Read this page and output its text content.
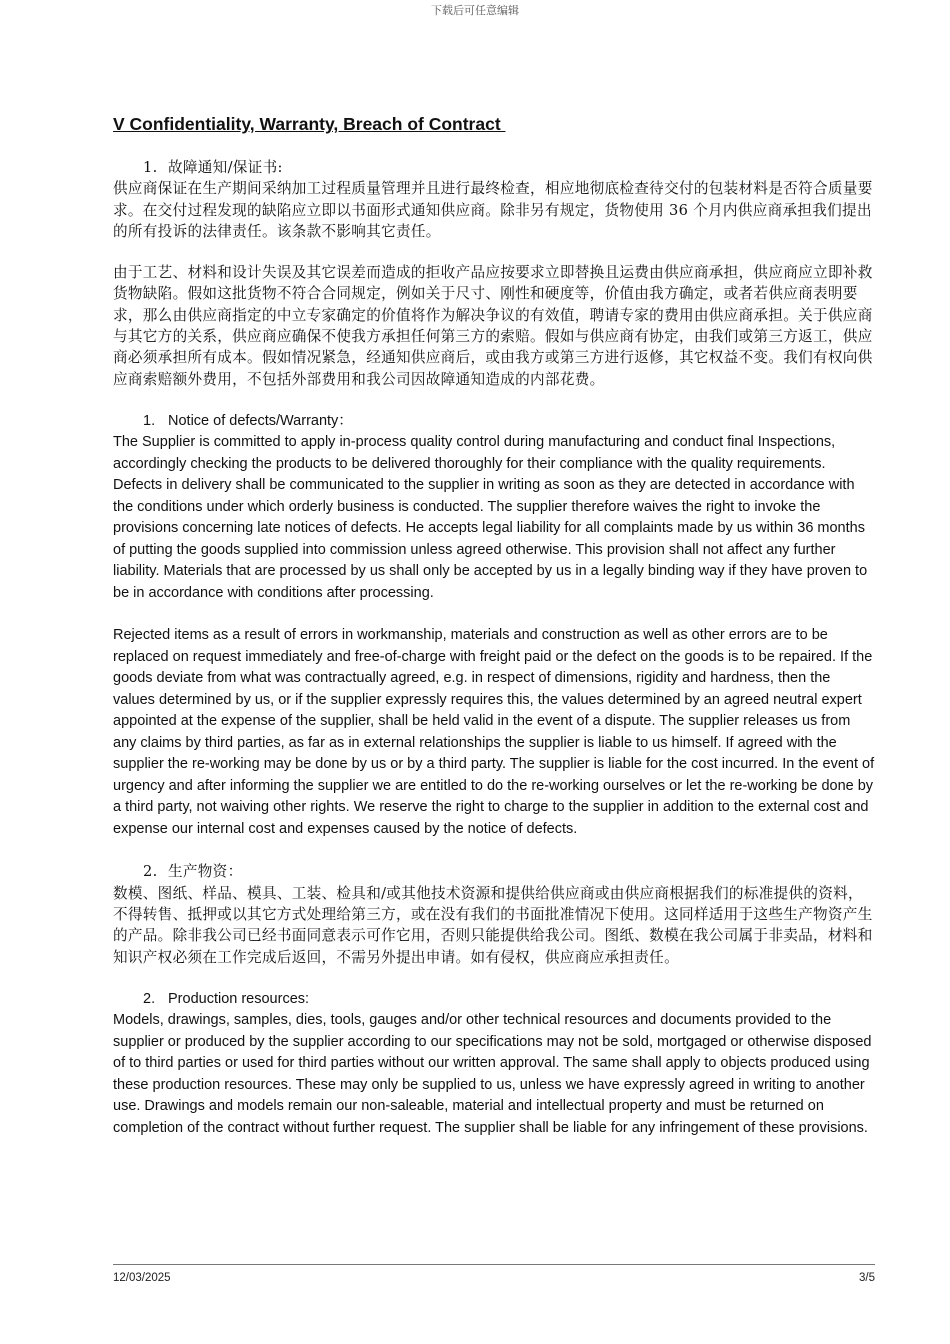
下载后可任意编辑
V Confidentiality, Warranty, Breach of Contract

1. 故障通知/保证书:

供应商保证在生产期间采纳加工过程质量管理并且进行最终检查，相应地彻底检查待交付的包装材料是否符合质量要求。在交付过程发现的缺陷应立即以书面形式通知供应商。除非另有规定，货物使用 36 个月内供应商承担我们提出的所有投诉的法律责任。该条款不影响其它责任。

由于工艺、材料和设计失误及其它误差而造成的拒收产品应按要求立即替换且运费由供应商承担，供应商应立即补救货物缺陷。假如这批货物不符合合同规定，例如关于尺寸、刚性和硬度等，价值由我方确定，或者若供应商表明要求，那么由供应商指定的中立专家确定的价值将作为解决争议的有效值，聘请专家的费用由供应商承担。关于供应商与其它方的关系，供应商应确保不使我方承担任何第三方的索赔。假如与供应商有协定，由我们或第三方返工，供应商必须承担所有成本。假如情况紧急，经通知供应商后，或由我方或第三方进行返修，其它权益不变。我们有权向供应商索赔额外费用，不包括外部费用和我公司因故障通知造成的内部花费。

1. Notice of defects/Warranty：

The Supplier is committed to apply in-process quality control during manufacturing and conduct final Inspections, accordingly checking the products to be delivered thoroughly for their compliance with the quality requirements. Defects in delivery shall be communicated to the supplier in writing as soon as they are detected in accordance with the conditions under which orderly business is conducted. The supplier therefore waives the right to invoke the provisions concerning late notices of defects. He accepts legal liability for all complaints made by us within 36 months of putting the goods supplied into commission unless agreed otherwise. This provision shall not affect any further liability. Materials that are processed by us shall only be accepted by us in a legally binding way if they have proven to be in accordance with conditions after processing.

Rejected items as a result of errors in workmanship, materials and construction as well as other errors are to be replaced on request immediately and free-of-charge with freight paid or the defect on the goods is to be repaired. If the goods deviate from what was contractually agreed, e.g. in respect of dimensions, rigidity and hardness, then the values determined by us, or if the supplier expressly requires this, the values determined by an agreed neutral expert appointed at the expense of the supplier, shall be held valid in the event of a dispute. The supplier releases us from any claims by third parties, as far as in external relationships the supplier is liable to us himself. If agreed with the supplier the re-working may be done by us or by a third party. The supplier is liable for the cost incurred. In the event of urgency and after informing the supplier we are entitled to do the re-working ourselves or let the re-working be done by a third party, not waiving other rights. We reserve the right to charge to the supplier in addition to the external cost and expense our internal cost and expenses caused by the notice of defects.

2. 生产物资：

数模、图纸、样品、模具、工装、检具和/或其他技术资源和提供给供应商或由供应商根据我们的标准提供的资料，不得转售、抵押或以其它方式处理给第三方，或在没有我们的书面批准情况下使用。这同样适用于这些生产物资产生的产品。除非我公司已经书面同意表示可作它用，否则只能提供给我公司。图纸、数模在我公司属于非卖品，材料和知识产权必须在工作完成后返回，不需另外提出申请。如有侵权，供应商应承担责任。

2. Production resources:

Models, drawings, samples, dies, tools, gauges and/or other technical resources and documents provided to the supplier or produced by the supplier according to our specifications may not be sold, mortgaged or otherwise disposed of to third parties or used for third parties without our written approval. The same shall apply to objects produced using these production resources. These may only be supplied to us, unless we have expressly agreed in writing to another use. Drawings and models remain our non-saleable, material and intellectual property and must be returned on completion of the contract without further request. The supplier shall be liable for any infringement of these provisions.

12/03/2025	3/5
